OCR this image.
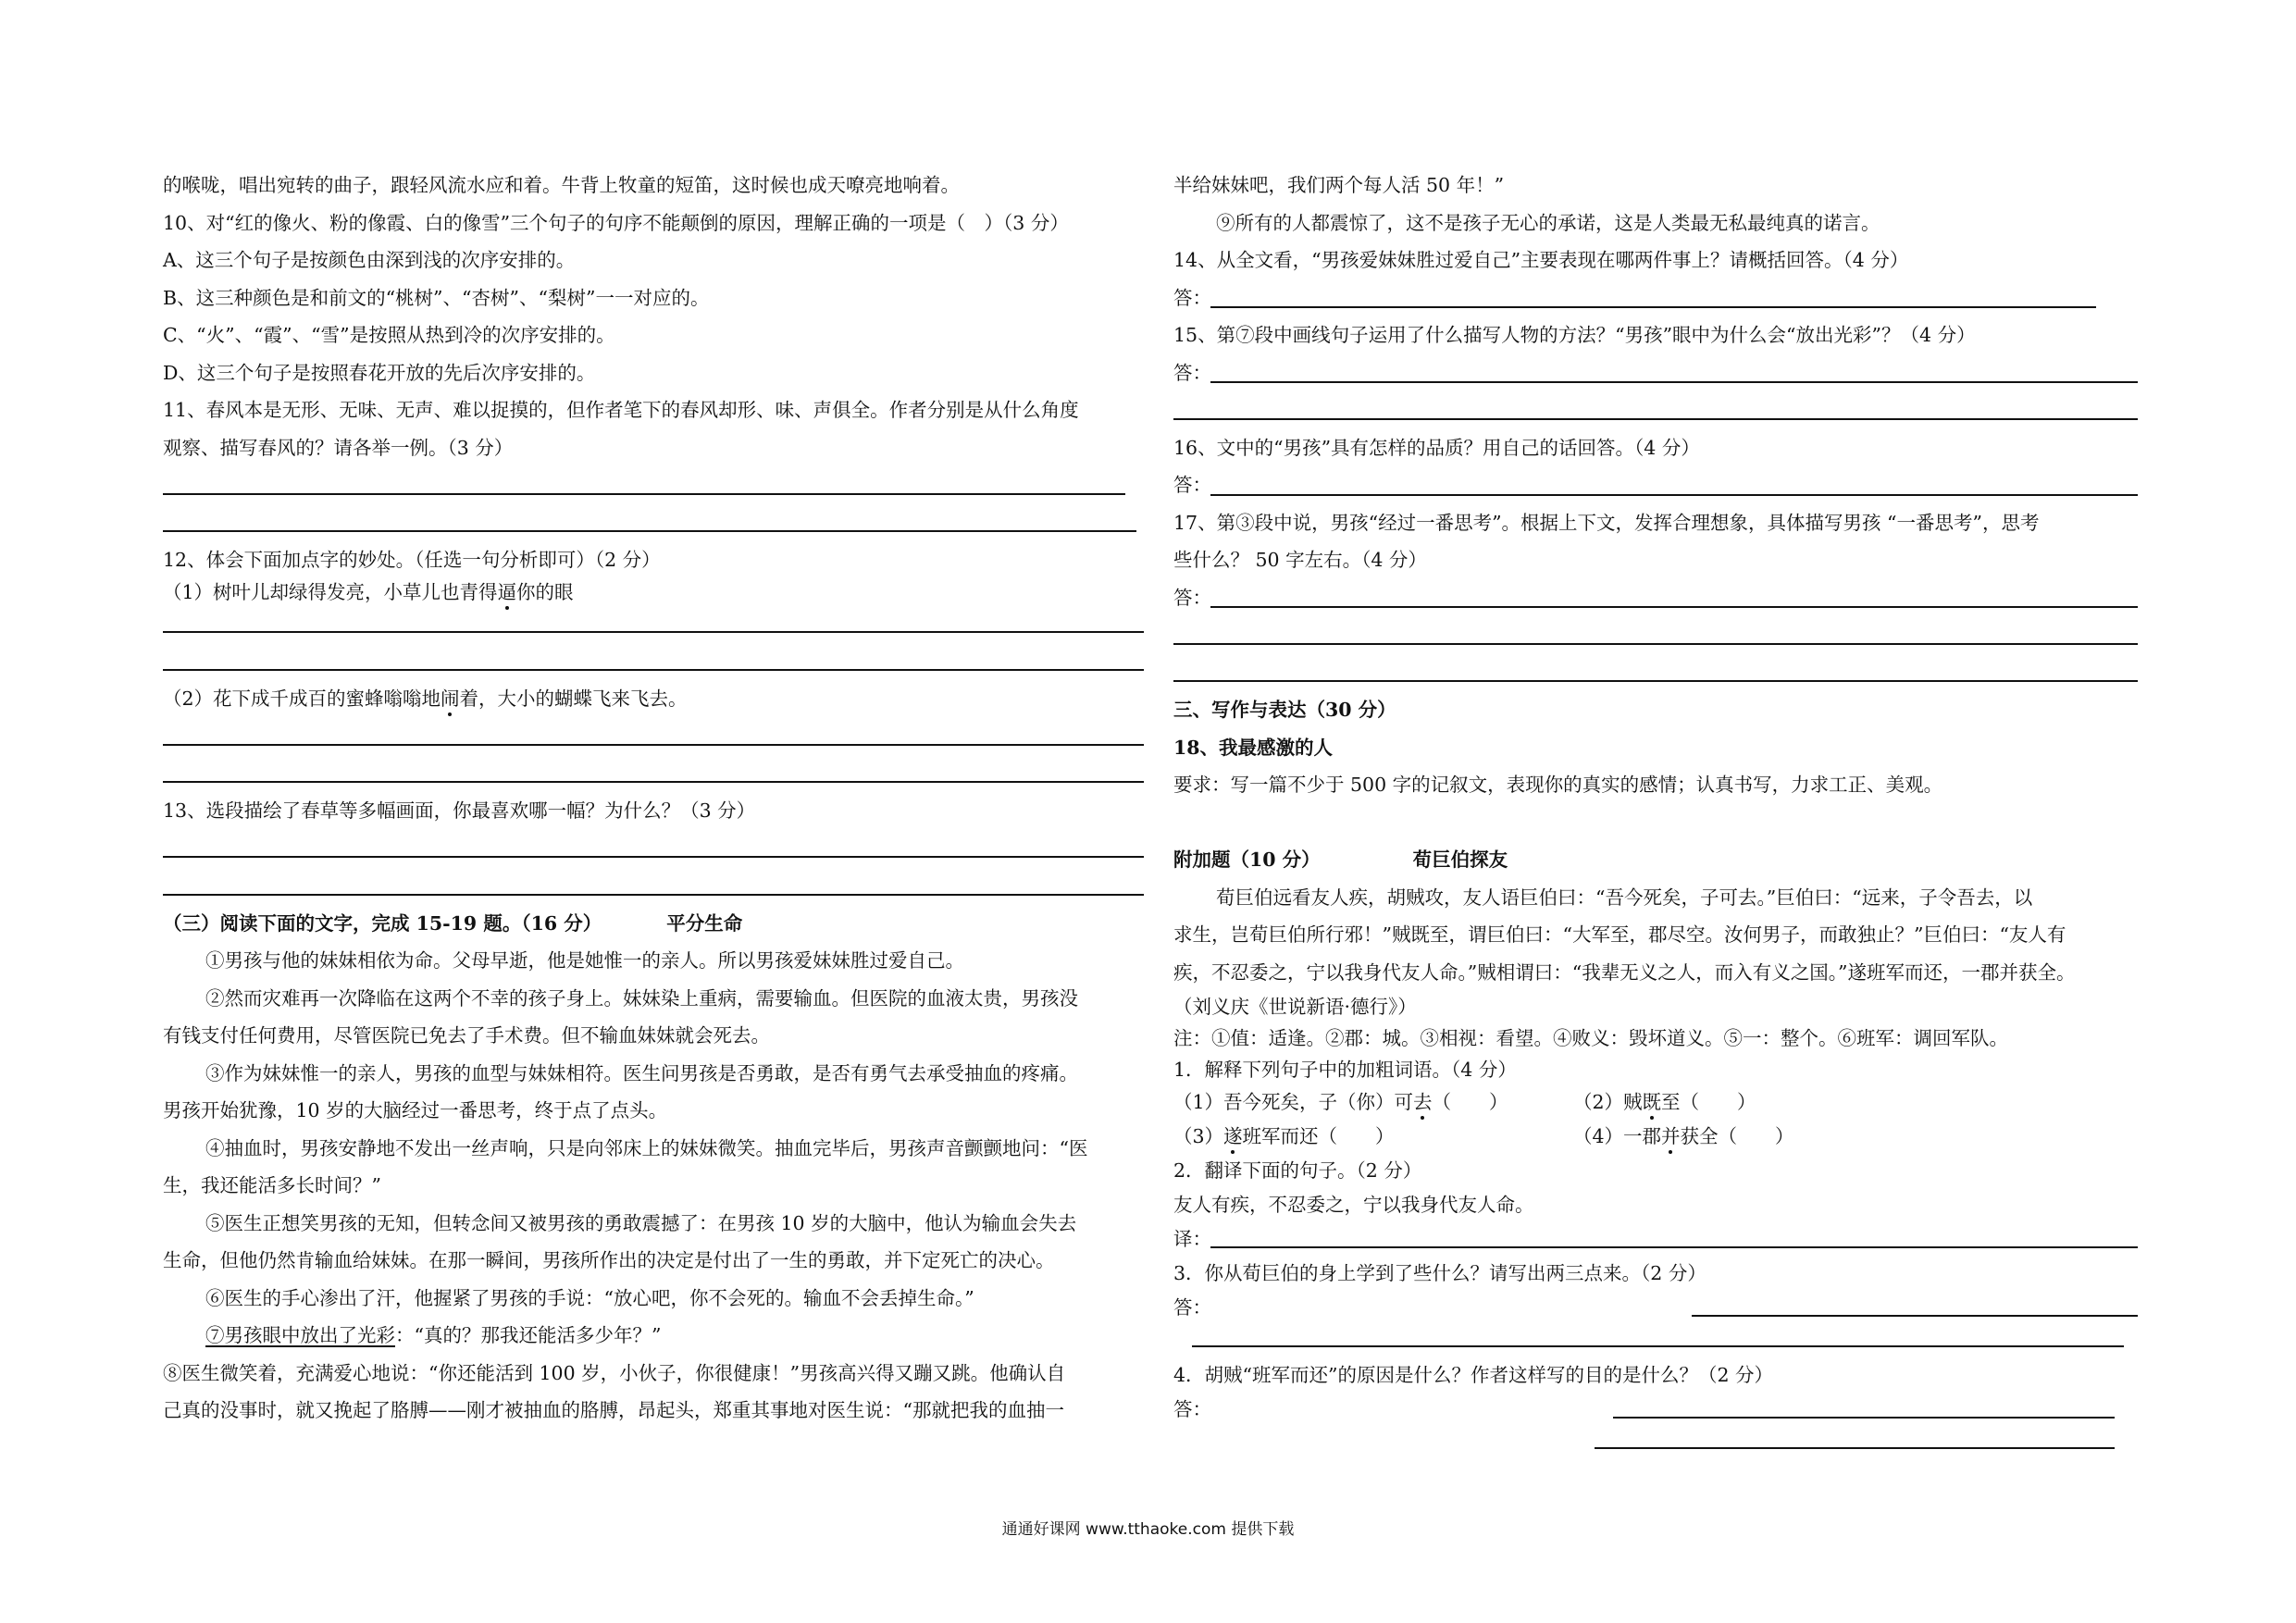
的喉咙，唱出宛转的曲子，跟轻风流水应和着。牛背上牧童的短笛，这时候也成天嘹亮地响着。
10、对“红的像火、粉的像霞、白的像雪”三个句子的句序不能颠倒的原因，理解正确的一项是（　）（3 分）
A、这三个句子是按颜色由深到浅的次序安排的。
B、这三种颜色是和前文的“桃树”、“杏树”、“梨树”一一对应的。
C、“火”、“霞”、“雪”是按照从热到冷的次序安排的。
D、这三个句子是按照春花开放的先后次序安排的。
11、春风本是无形、无味、无声、难以捉摸的，但作者笔下的春风却形、味、声俱全。作者分别是从什么角度
观察、描写春风的？请各举一例。（3 分）
12、体会下面加点字的妙处。（任选一句分析即可）（2 分）
（1）树叶儿却绿得发亮，小草儿也青得逼你的眼
（2）花下成千成百的蜜蜂嗡嗡地闹着，大小的蝴蝶飞来飞去。
13、选段描绘了春草等多幅画面，你最喜欢哪一幅？为什么？（3 分）
（三）阅读下面的文字，完成 15-19 题。（16 分）	平分生命
①男孩与他的妹妹相依为命。父母早逝，他是她惟一的亲人。所以男孩爱妹妹胜过爱自己。
②然而灾难再一次降临在这两个不幸的孩子身上。妹妹染上重病，需要输血。但医院的血液太贵，男孩没
有钱支付任何费用，尽管医院已免去了手术费。但不输血妹妹就会死去。
③作为妹妹惟一的亲人，男孩的血型与妹妹相符。医生问男孩是否勇敢，是否有勇气去承受抽血的疼痛。
男孩开始犹豫，10 岁的大脑经过一番思考，终于点了点头。
④抽血时，男孩安静地不发出一丝声响，只是向邻床上的妹妹微笑。抽血完毕后，男孩声音颤颤地问：“医
生，我还能活多长时间？”
⑤医生正想笑男孩的无知，但转念间又被男孩的勇敢震撼了：在男孩 10 岁的大脑中，他认为输血会失去
生命，但他仍然肯输血给妹妹。在那一瞬间，男孩所作出的决定是付出了一生的勇敢，并下定死亡的决心。
⑥医生的手心渗出了汗，他握紧了男孩的手说：“放心吧，你不会死的。输血不会丢掉生命。”
⑦男孩眼中放出了光彩：“真的？那我还能活多少年？”
⑧医生微笑着，充满爱心地说：“你还能活到 100 岁，小伙子，你很健康！”男孩高兴得又蹦又跳。他确认自
己真的没事时，就又挽起了胳膊——刚才被抽血的胳膊，昂起头，郑重其事地对医生说：“那就把我的血抽一
半给妹妹吧，我们两个每人活 50 年！”
⑨所有的人都震惊了，这不是孩子无心的承诺，这是人类最无私最纯真的诺言。
14、从全文看，“男孩爱妹妹胜过爱自己”主要表现在哪两件事上？请概括回答。（4 分）
答：
15、第⑦段中画线句子运用了什么描写人物的方法？“男孩”眼中为什么会“放出光彩”？（4 分）
答：
16、文中的“男孩”具有怎样的品质？用自己的话回答。（4 分）
答：
17、第③段中说，男孩“经过一番思考”。根据上下文，发挥合理想象，具体描写男孩 “一番思考”，思考
些什么？ 50 字左右。（4 分）
答：
三、写作与表达（30 分）
18、我最感激的人
要求：写一篇不少于 500 字的记叙文，表现你的真实的感情；认真书写，力求工正、美观。
附加题（10 分）	荀巨伯探友
荀巨伯远看友人疾，胡贼攻，友人语巨伯曰：“吾今死矣，子可去。”巨伯曰：“远来，子令吾去，以
求生，岂荀巨伯所行邪！”贼既至，谓巨伯曰：“大军至，郡尽空。汝何男子，而敢独止？”巨伯曰：“友人有
疾，不忍委之，宁以我身代友人命。”贼相谓曰：“我辈无义之人，而入有义之国。”遂班军而还，一郡并获全。
（刘义庆《世说新语·德行》）
注：①值：适逢。②郡：城。③相视：看望。④败义：毁坏道义。⑤一：整个。⑥班军：调回军队。
1．解释下列句子中的加粗词语。（4 分）
（1）吾今死矣，子（你）可去（　　）	（2）贼既至（　　）
（3）遂班军而还（　　）	（4）一郡并获全（　　）
2．翻译下面的句子。（2 分）
友人有疾，不忍委之，宁以我身代友人命。
译：
3．你从荀巨伯的身上学到了些什么？请写出两三点来。（2 分）
答：
4．胡贼“班军而还”的原因是什么？作者这样写的目的是什么？（2 分）
答：
通通好课网 www.tthaoke.com 提供下载
